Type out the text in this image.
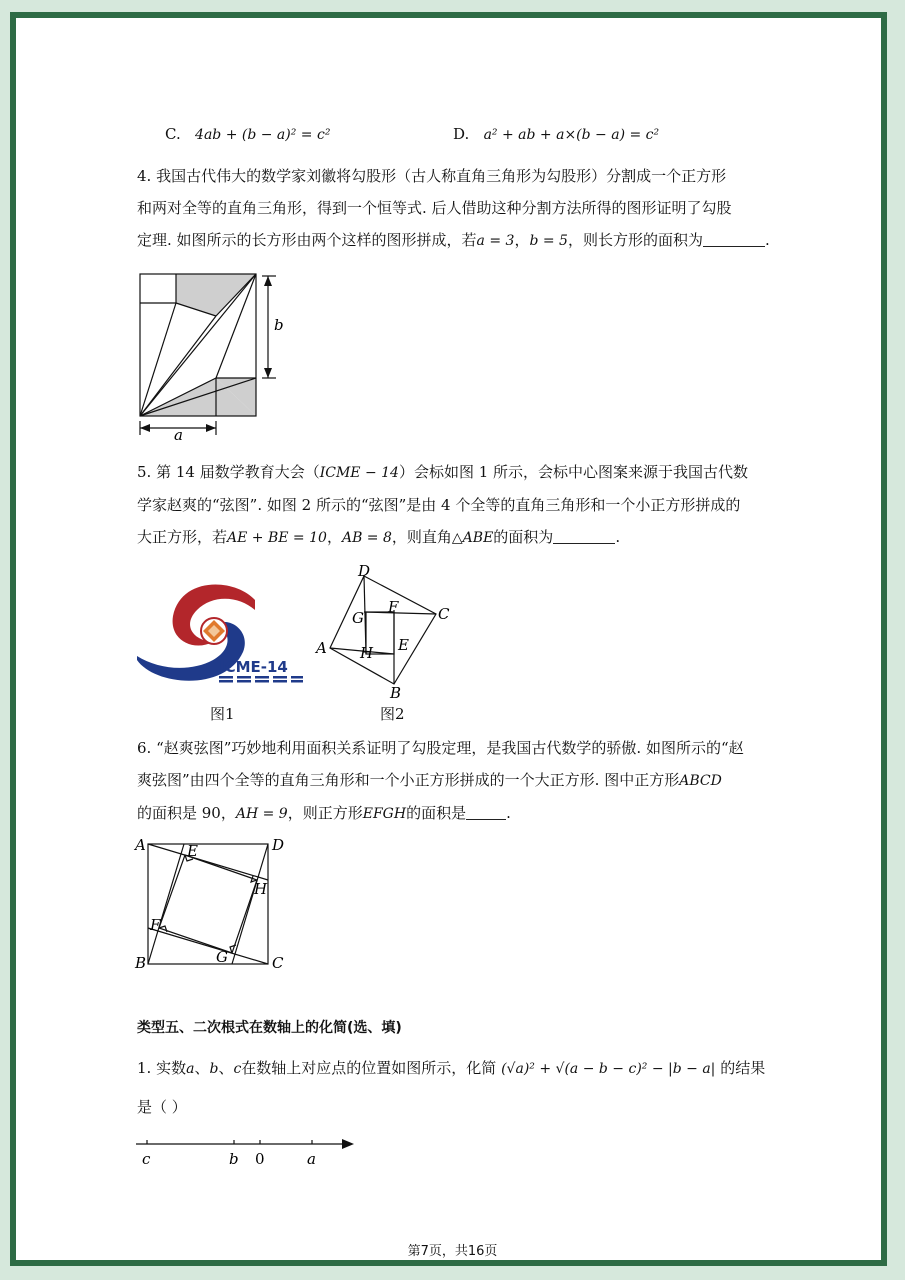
C. 4ab + (b − a)² = c²	D. a² + ab + a×(b − a) = c²
4. 我国古代伟大的数学家刘徽将勾股形（古人称直角三角形为勾股形）分割成一个正方形
和两对全等的直角三角形，得到一个恒等式. 后人借助这种分割方法所得的图形证明了勾股
定理. 如图所示的长方形由两个这样的图形拼成，若a = 3，b = 5，则长方形的面积为	.
b
a
5. 第 14 届数学教育大会（ICME − 14）会标如图 1 所示，会标中心图案来源于我国古代数
学家赵爽的“弦图”. 如图 2 所示的“弦图”是由 4 个全等的直角三角形和一个小正方形拼成的
大正方形，若AE + BE = 10，AB = 8，则直角△ABE的面积为	.
ICME-14
图1
D
C
A
B
F
G
H E
图2
6. “赵爽弦图”巧妙地利用面积关系证明了勾股定理，是我国古代数学的骄傲. 如图所示的“赵
爽弦图”由四个全等的直角三角形和一个小正方形拼成的一个大正方形. 图中正方形ABCD
的面积是 90，AH = 9，则正方形EFGH的面积是	.
A	D
B	C
E
H
F
G
类型五、二次根式在数轴上的化简(选、填)
1. 实数a、b、c在数轴上对应点的位置如图所示，化简 (√a)² + √(a − b − c)² − |b − a| 的结果
是（ ）
c	b 0	a
第7页，共16页
